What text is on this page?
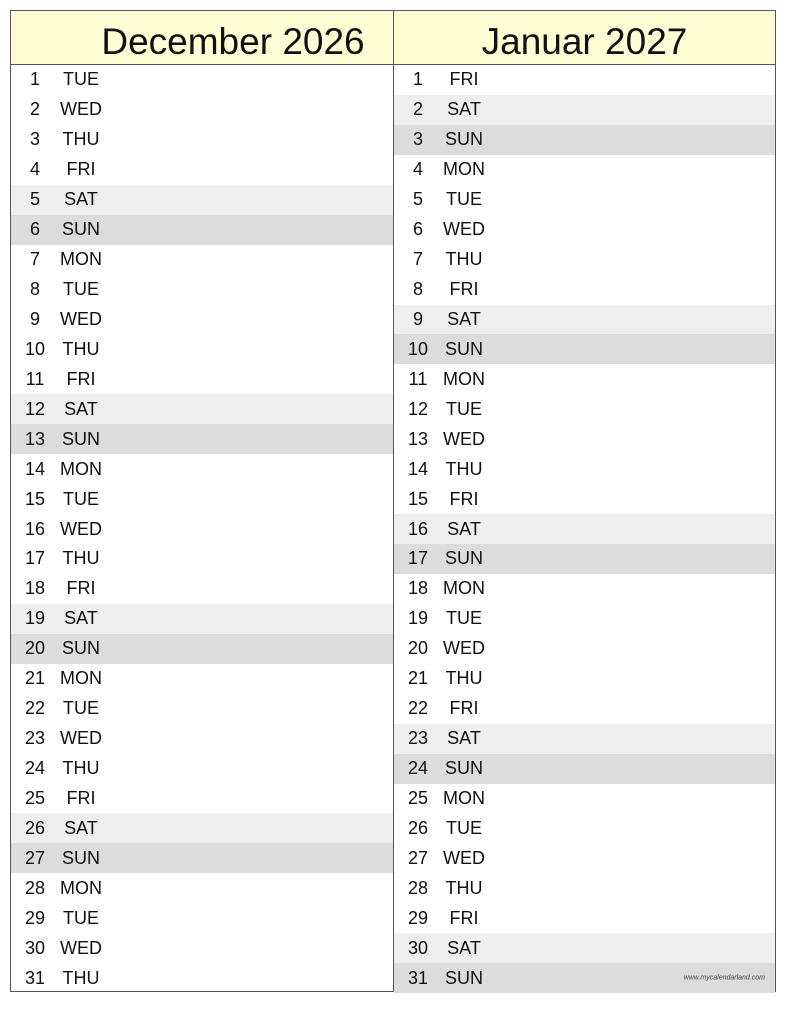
December 2026
1	TUE
2	WED
3	THU
4	FRI
5	SAT
6	SUN
7	MON
8	TUE
9	WED
10 THU
11	FRI
12	SAT
13 SUN
14 MON
15 TUE
16 WED
17 THU
18	FRI
19	SAT
20 SUN
21 MON
22 TUE
23 WED
24 THU
25	FRI
26	SAT
27 SUN
28 MON
29 TUE
30 WED
31 THU
Januar 2027
1	FRI
2	SAT
3	SUN
4	MON
5	TUE
6	WED
7	THU
8	FRI
9	SAT
10 SUN
11 MON
12 TUE
13 WED
14 THU
15	FRI
16	SAT
17 SUN
18 MON
19 TUE
20 WED
21 THU
22	FRI
23	SAT
24 SUN
25 MON
26 TUE
27 WED
28 THU
29	FRI
30	SAT
31 SUN	www.mycalendarland.com
